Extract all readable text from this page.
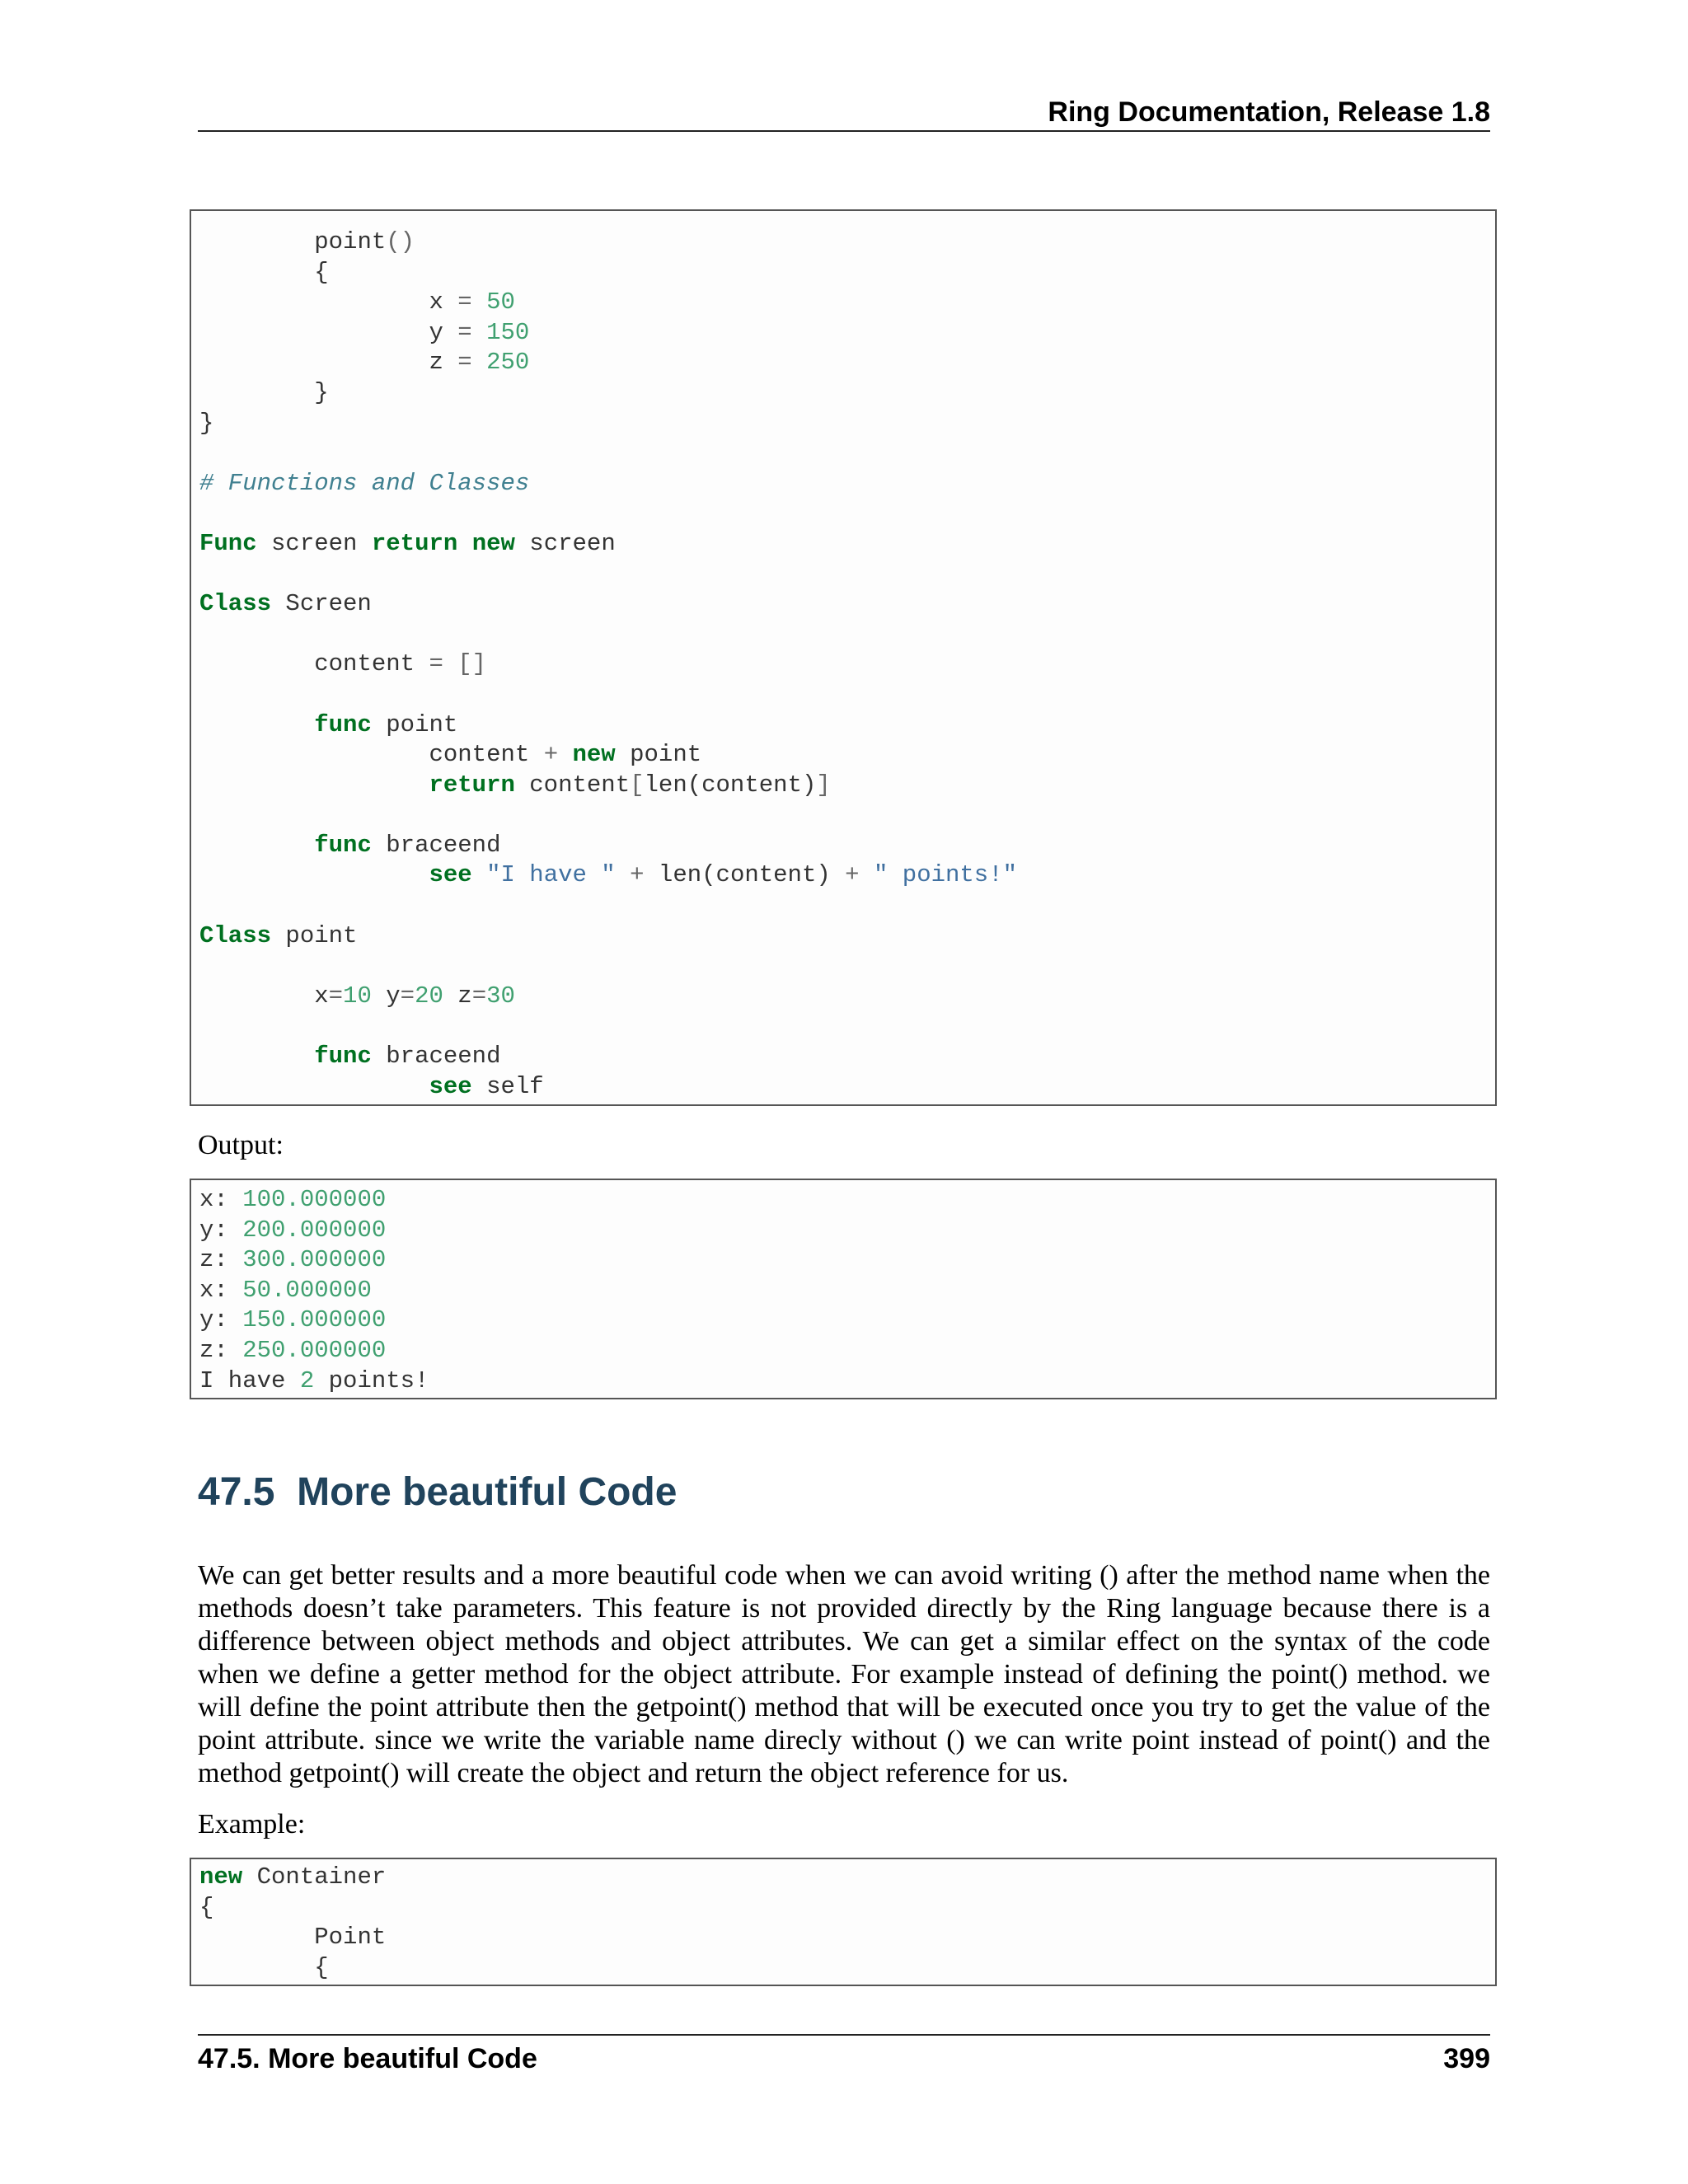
Ring Documentation, Release 1.8
	point()
	{
		x = 50
		y = 150
		z = 250
	}
}
# Functions and Classes
Func screen return new screen
Class Screen
	content = []
	func point
		content + new point
		return content[len(content)]
	func braceend
		see "I have " + len(content) + " points!"
Class point
	x=10 y=20 z=30
	func braceend
		see self
Output:
x: 100.000000
y: 200.000000
z: 300.000000
x: 50.000000
y: 150.000000
z: 250.000000
I have 2 points!
47.5 More beautiful Code

We can get better results and a more beautiful code when we can avoid writing () after the method name when the methods doesn’t take parameters. This feature is not provided directly by the Ring language because there is a difference between object methods and object attributes. We can get a similar effect on the syntax of the code when we define a getter method for the object attribute. For example instead of defining the point() method. we will define the point attribute then the getpoint() method that will be executed once you try to get the value of the point attribute. since we write the variable name direcly without () we can write point instead of point() and the method getpoint() will create the object and return the object reference for us.

Example:
new Container
{
	Point
	{
47.5. More beautiful Code	399
